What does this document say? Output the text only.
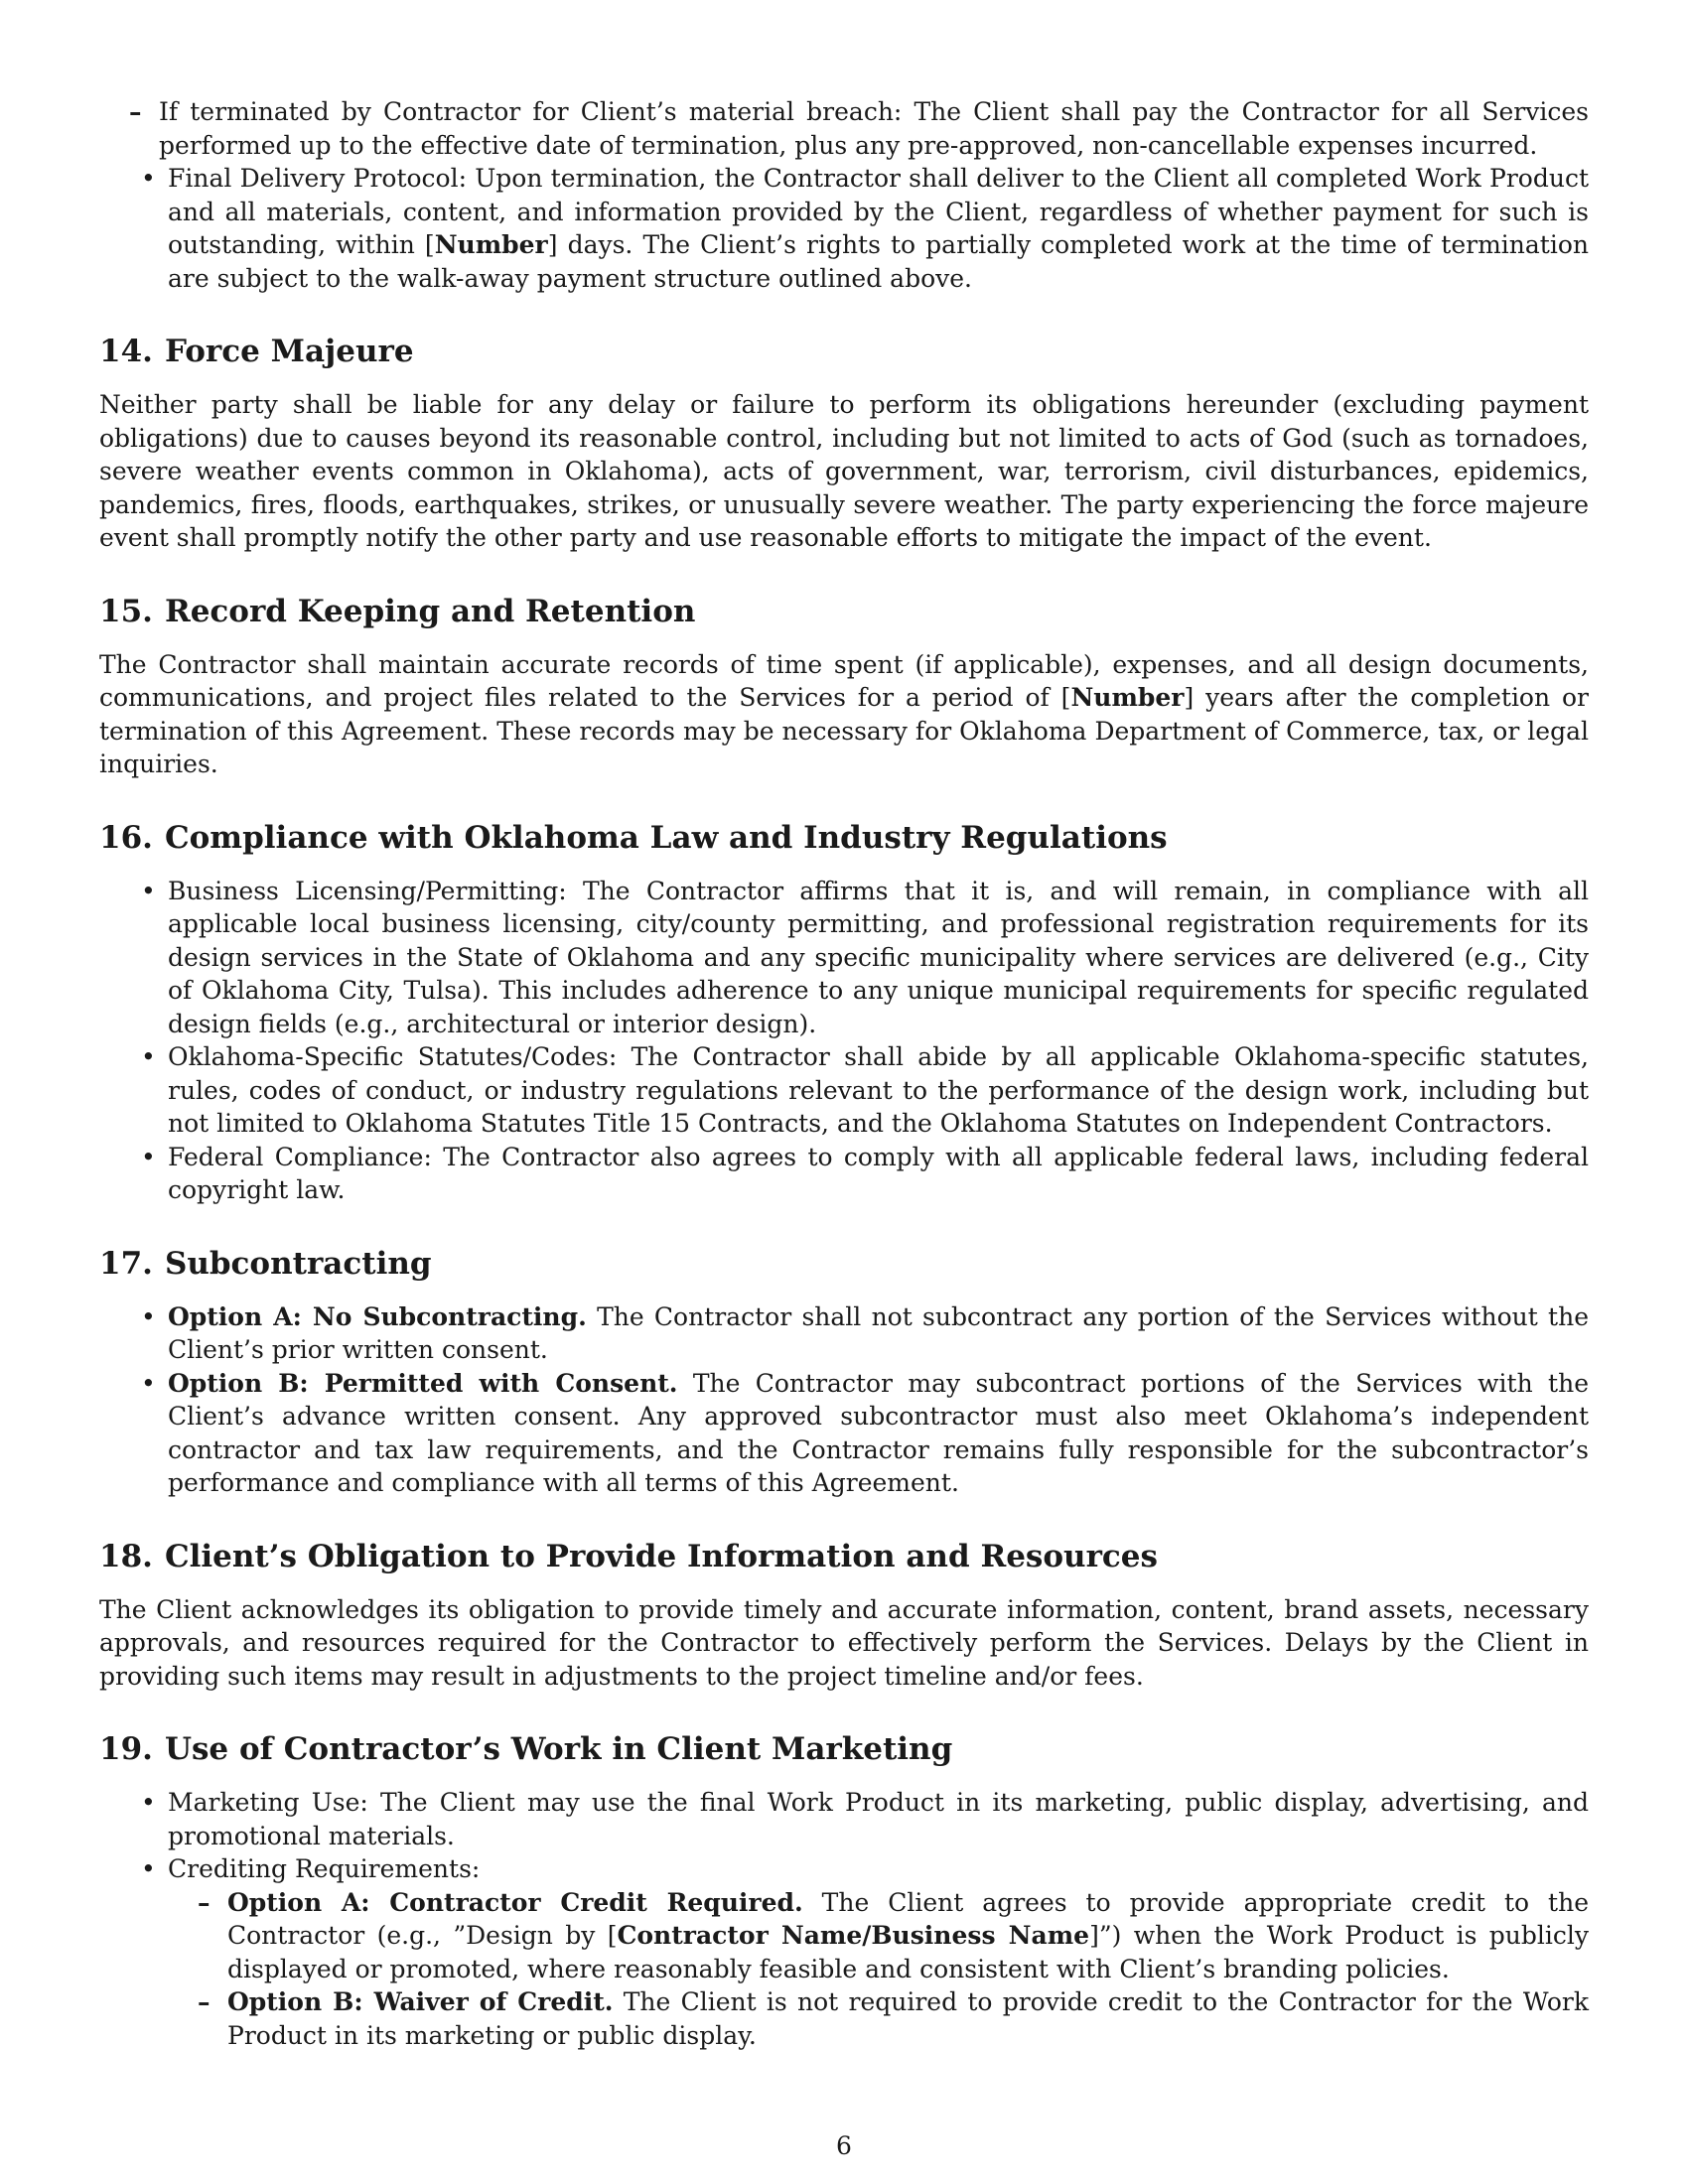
– If terminated by Contractor for Client’s material breach: The Client shall pay the Contractor for all Services performed up to the effective date of termination, plus any pre-approved, non-cancellable expenses incurred.
• Final Delivery Protocol: Upon termination, the Contractor shall deliver to the Client all completed Work Product and all materials, content, and information provided by the Client, regardless of whether payment for such is outstanding, within [Number] days. The Client’s rights to partially completed work at the time of termination are subject to the walk-away payment structure outlined above.
14. Force Majeure

Neither party shall be liable for any delay or failure to perform its obligations hereunder (excluding payment obligations) due to causes beyond its reasonable control, including but not limited to acts of God (such as tornadoes, severe weather events common in Oklahoma), acts of government, war, terrorism, civil disturbances, epidemics, pandemics, fires, floods, earthquakes, strikes, or unusually severe weather. The party experiencing the force majeure event shall promptly notify the other party and use reasonable efforts to mitigate the impact of the event.

15. Record Keeping and Retention

The Contractor shall maintain accurate records of time spent (if applicable), expenses, and all design documents, communications, and project files related to the Services for a period of [Number] years after the completion or termination of this Agreement. These records may be necessary for Oklahoma Department of Commerce, tax, or legal inquiries.

16. Compliance with Oklahoma Law and Industry Regulations
• Business Licensing/Permitting: The Contractor affirms that it is, and will remain, in compliance with all applicable local business licensing, city/county permitting, and professional registration requirements for its design services in the State of Oklahoma and any specific municipality where services are delivered (e.g., City of Oklahoma City, Tulsa). This includes adherence to any unique municipal requirements for specific regulated design fields (e.g., architectural or interior design).
• Oklahoma-Specific Statutes/Codes: The Contractor shall abide by all applicable Oklahoma-specific statutes, rules, codes of conduct, or industry regulations relevant to the performance of the design work, including but not limited to Oklahoma Statutes Title 15 Contracts, and the Oklahoma Statutes on Independent Contractors.
• Federal Compliance: The Contractor also agrees to comply with all applicable federal laws, including federal copyright law.
17. Subcontracting
• Option A: No Subcontracting. The Contractor shall not subcontract any portion of the Services without the Client’s prior written consent.
• Option B: Permitted with Consent. The Contractor may subcontract portions of the Services with the Client’s advance written consent. Any approved subcontractor must also meet Oklahoma’s independent contractor and tax law requirements, and the Contractor remains fully responsible for the subcontractor’s performance and compliance with all terms of this Agreement.
18. Client’s Obligation to Provide Information and Resources

The Client acknowledges its obligation to provide timely and accurate information, content, brand assets, necessary approvals, and resources required for the Contractor to effectively perform the Services. Delays by the Client in providing such items may result in adjustments to the project timeline and/or fees.

19. Use of Contractor’s Work in Client Marketing
• Marketing Use: The Client may use the final Work Product in its marketing, public display, advertising, and promotional materials.
• Crediting Requirements:
– Option A: Contractor Credit Required. The Client agrees to provide appropriate credit to the Contractor (e.g., ”Design by [Contractor Name/Business Name]”) when the Work Product is publicly displayed or promoted, where reasonably feasible and consistent with Client’s branding policies.
– Option B: Waiver of Credit. The Client is not required to provide credit to the Contractor for the Work Product in its marketing or public display.
6
